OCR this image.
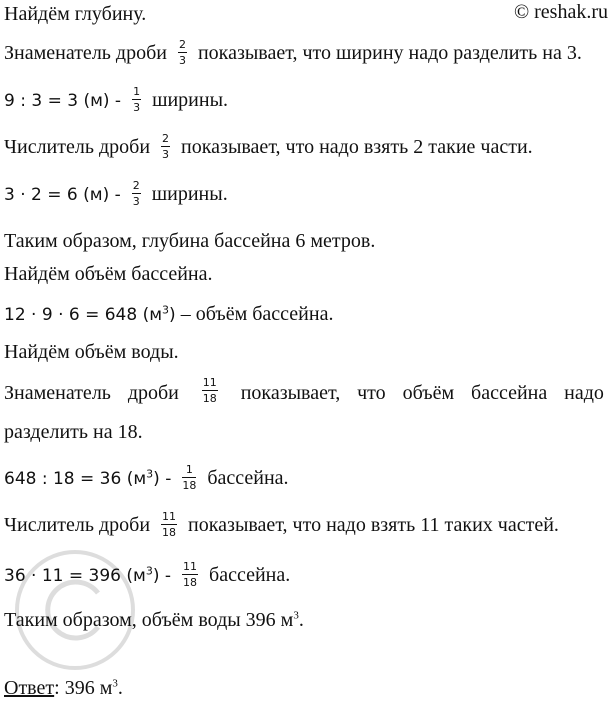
Найдём глубину.	© reshak.ru
Знаменатель дроби $\frac{2}{3}$ показывает, что ширину надо разделить на 3.
9 : 3 = 3 $(м) - \frac{1}{3}$ ширины.
Числитель дроби $\frac{2}{3}$ показывает, что надо взять 2 такие части.
3 · 2 = 6 $(м) - \frac{2}{3}$ ширины.
Таким образом, глубина бассейна 6 метров.
Найдём объём бассейна.
12 · 9 · 6 = 648 $(м^3)$ – объём бассейна.
Найдём объём воды.
Знаменатель дроби $\frac{11}{18}$ показывает, что объём бассейна надо
разделить на 18.
648 : 18 = 36 $(м^3) - \frac{1}{18}$ бассейна.
Числитель дроби $\frac{11}{18}$ показывает, что надо взять 11 таких частей.
36 · 11 = 396 $(м^3) - \frac{11}{18}$ бассейна.
Таким образом, объём воды 396 $м^3$.
Ответ: 396 $м^3$.
